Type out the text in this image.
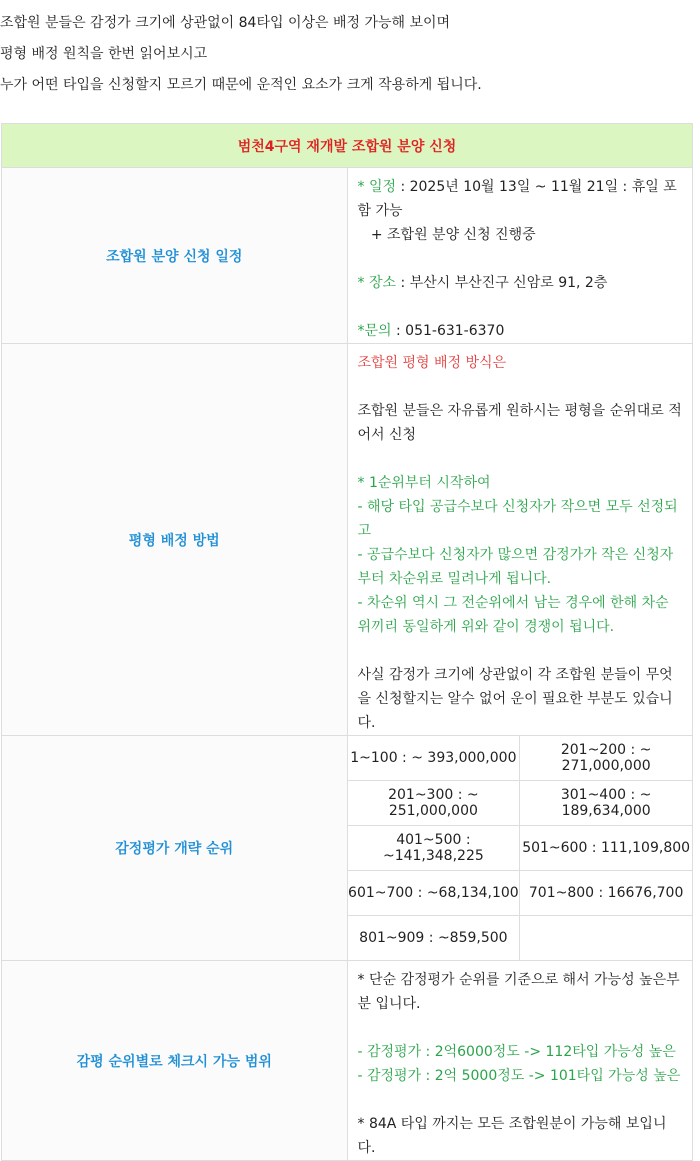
조합원 분들은 감정가 크기에 상관없이 84타입 이상은 배정 가능해 보이며
평형 배정 원칙을 한번 읽어보시고
누가 어떤 타입을 신청할지 모르기 때문에 운적인 요소가 크게 작용하게 됩니다.
범천4구역 재개발 조합원 분양 신청
조합원 분양 신청 일정	
* 일정 : 2025년 10월 13일 ~ 11월 21일 : 휴일 포함 가능
+ 조합원 분양 신청 진행중
* 장소 : 부산시 부산진구 신암로 91, 2층
*문의 : 051-631-6370

평형 배정 방법	
조합원 평형 배정 방식은
조합원 분들은 자유롭게 원하시는 평형을 순위대로 적어서 신청
* 1순위부터 시작하여
- 해당 타입 공급수보다 신청자가 작으면 모두 선정되고
- 공급수보다 신청자가 많으면 감정가가 작은 신청자부터 차순위로 밀려나게 됩니다.
- 차순위 역시 그 전순위에서 남는 경우에 한해 차순위끼리 동일하게 위와 같이 경쟁이 됩니다.
사실 감정가 크기에 상관없이 각 조합원 분들이 무엇을 신청할지는 알수 없어 운이 필요한 부분도 있습니다.

감정평가 개략 순위	
1~100 : ~ 393,000,000	201~200 : ~ 271,000,000
201~300 : ~ 251,000,000	301~400 : ~ 189,634,000
401~500 : ~141,348,225	501~600 : 111,109,800
601~700 : ~68,134,100	701~800 : 16676,700
801~909 : ~859,500	

감평 순위별로 체크시 가능 범위	
* 단순 감정평가 순위를 기준으로 해서 가능성 높은부분 입니다.
- 감정평가 : 2억6000정도 -> 112타입 가능성 높은
- 감정평가 : 2억 5000정도 -> 101타입 가능성 높은
* 84A 타입 까지는 모든 조합원분이 가능해 보입니다.
